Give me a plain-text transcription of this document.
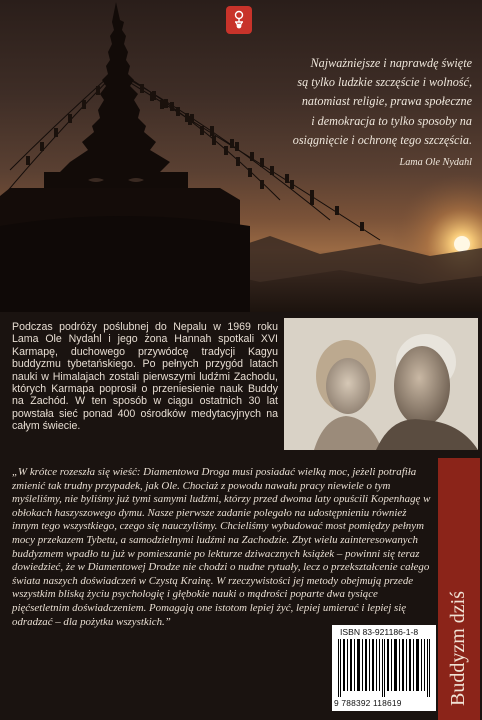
Najważniejsze i naprawdę święte
są tylko ludzkie szczęście i wolność,
natomiast religie, prawa społeczne
i demokracja to tylko sposoby na
osiągnięcie i ochronę tego szczęścia.
Lama Ole Nydahl
Podczas podróży poślubnej do Nepalu w 1969 roku Lama Ole Nydahl i jego żona Hannah spotkali XVI Karmapę, duchowego przywódcę tradycji Kagyu buddyzmu tybetańskiego. Po pełnych przygód latach nauki w Himalajach zostali pierwszymi ludźmi Zachodu, których Karmapa poprosił o przeniesienie nauk Buddy na Zachód. W ten sposób w ciągu ostatnich 30 lat powstała sieć ponad 400 ośrodków medytacyjnych na całym świecie.

„W krótce rozeszła się wieść: Diamentowa Droga musi posiadać wielką moc, jeżeli potrafiła zmienić tak trudny przypadek, jak Ole. Chociaż z powodu nawału pracy niewiele o tym myśleliśmy, nie byliśmy już tymi samymi ludźmi, którzy przed dwoma laty opuścili Kopenhagę w obłokach haszyszowego dymu. Nasze pierwsze zadanie polegało na udostępnieniu również innym tego wszystkiego, czego się nauczyliśmy. Chcieliśmy wybudować most pomiędzy pełnym mocy przekazem Tybetu, a samodzielnymi ludźmi na Zachodzie. Zbyt wielu zainteresowanych buddyzmem wpadło tu już w pomieszanie po lekturze dziwacznych książek – powinni się teraz dowiedzieć, że w Diamentowej Drodze nie chodzi o nudne rytuały, lecz o przekształcenie całego świata naszych doświadczeń w Czystą Krainę. W rzeczywistości jej metody obejmują przede wszystkim bliską życiu psychologię i głębokie nauki o mądrości poparte dwa tysiące pięćsetletnim doświadczeniem. Pomagają one istotom lepiej żyć, lepiej umierać i lepiej się odradzać – dla pożytku wszystkich.”	Buddyzm dziś
ISBN 83-921186-1-8
9 788392 118619
